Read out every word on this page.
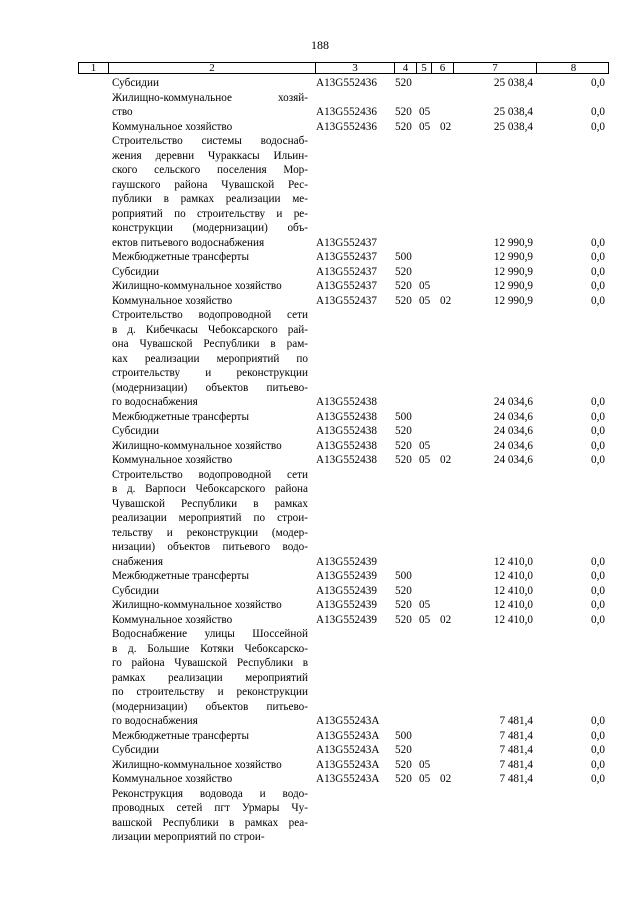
188
1	2	3	4	5	6	7	8
Субсидии	А13G552436 520	25 038,4	0,0
Жилищно-коммунальное хозяй-
ство	А13G552436 520 05	25 038,4	0,0
Коммунальное хозяйство	А13G552436 520 05 02	25 038,4	0,0
Строительство системы водоснаб-
жения деревни Чураккасы Ильин-
ского сельского поселения Мор-
гаушского района Чувашской Рес-
публики в рамках реализации ме-
роприятий по строительству и ре-
конструкции (модернизации) объ-
ектов питьевого водоснабжения	А13G552437	12 990,9	0,0
Межбюджетные трансферты	А13G552437 500	12 990,9	0,0
Субсидии	А13G552437 520	12 990,9	0,0
Жилищно-коммунальное хозяйство	А13G552437 520 05	12 990,9	0,0
Коммунальное хозяйство	А13G552437 520 05 02	12 990,9	0,0
Строительство водопроводной сети
в д. Кибечкасы Чебоксарского рай-
она Чувашской Республики в рам-
ках реализации мероприятий по
строительству и реконструкции
(модернизации) объектов питьево-
го водоснабжения	А13G552438	24 034,6	0,0
Межбюджетные трансферты	А13G552438 500	24 034,6	0,0
Субсидии	А13G552438 520	24 034,6	0,0
Жилищно-коммунальное хозяйство	А13G552438 520 05	24 034,6	0,0
Коммунальное хозяйство	А13G552438 520 05 02	24 034,6	0,0
Строительство водопроводной сети
в д. Варпоси Чебоксарского района
Чувашской Республики в рамках
реализации мероприятий по строи-
тельству и реконструкции (модер-
низации) объектов питьевого водо-
снабжения	А13G552439	12 410,0	0,0
Межбюджетные трансферты	А13G552439 500	12 410,0	0,0
Субсидии	А13G552439 520	12 410,0	0,0
Жилищно-коммунальное хозяйство	А13G552439 520 05	12 410,0	0,0
Коммунальное хозяйство	А13G552439 520 05 02	12 410,0	0,0
Водоснабжение улицы Шоссейной
в д. Большие Котяки Чебоксарско-
го района Чувашской Республики в
рамках реализации мероприятий
по строительству и реконструкции
(модернизации) объектов питьево-
го водоснабжения	А13G55243А	7 481,4	0,0
Межбюджетные трансферты	А13G55243А 500	7 481,4	0,0
Субсидии	А13G55243А 520	7 481,4	0,0
Жилищно-коммунальное хозяйство	А13G55243А 520 05	7 481,4	0,0
Коммунальное хозяйство	А13G55243А 520 05 02	7 481,4	0,0
Реконструкция водовода и водо-
проводных сетей пгт Урмары Чу-
вашской Республики в рамках реа-
лизации мероприятий по строи-
